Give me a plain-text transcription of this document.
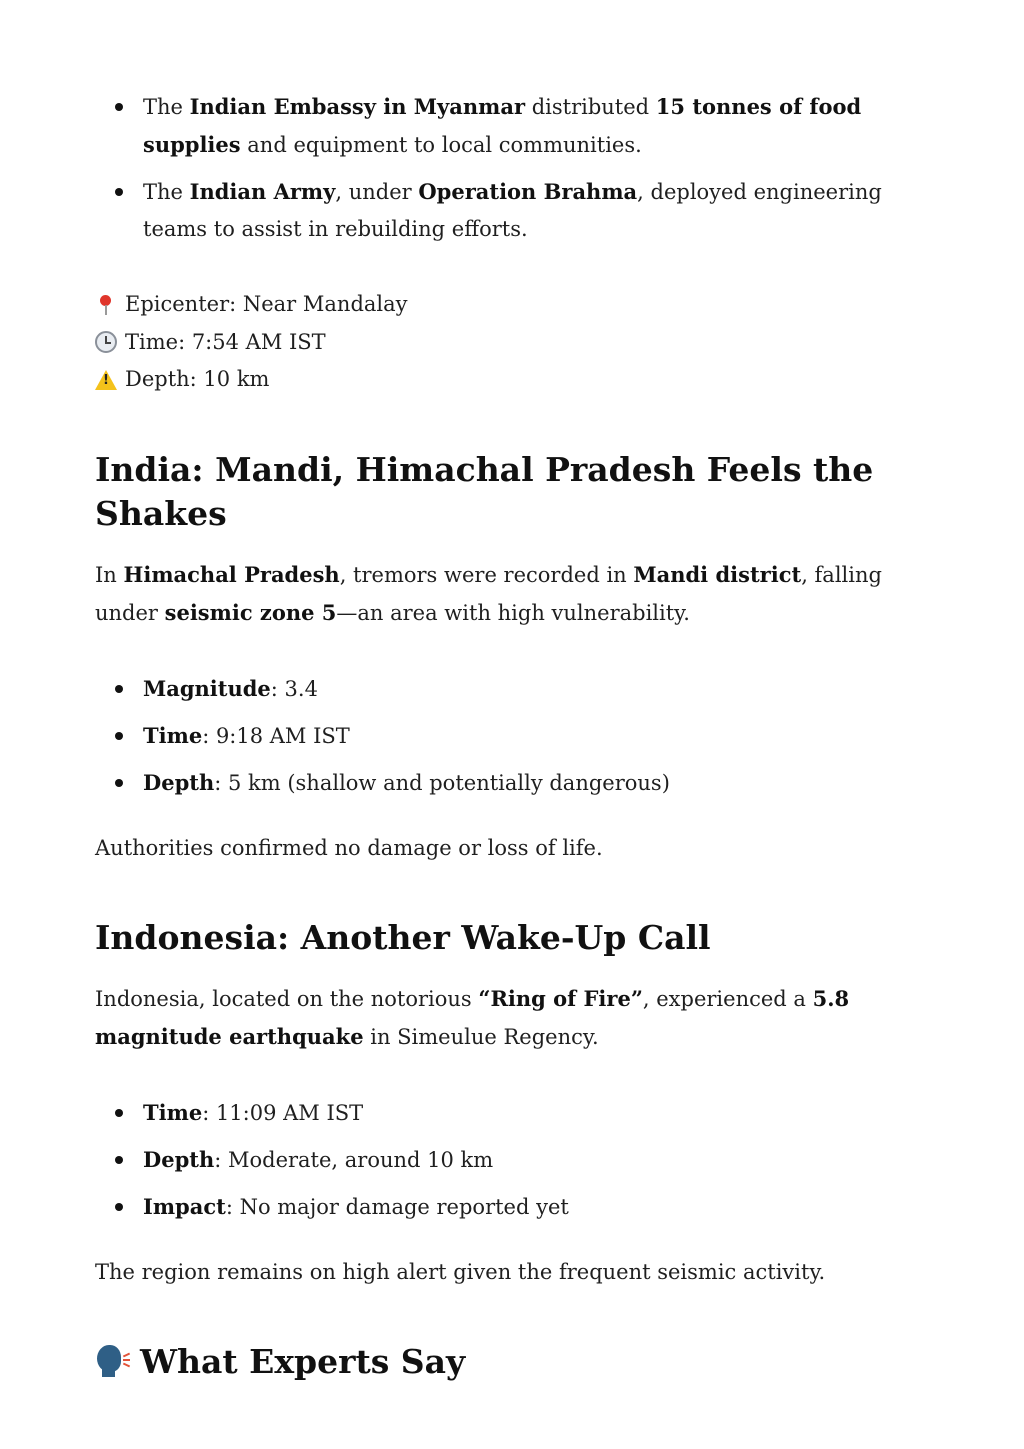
The Indian Embassy in Myanmar distributed 15 tonnes of food supplies and equipment to local communities.
The Indian Army, under Operation Brahma, deployed engineering teams to assist in rebuilding efforts.
Epicenter: Near Mandalay
Time: 7:54 AM IST
!
Depth: 10 km
India: Mandi, Himachal Pradesh Feels the Shakes

In Himachal Pradesh, tremors were recorded in Mandi district, falling under seismic zone 5—an area with high vulnerability.

Magnitude: 3.4
Time: 9:18 AM IST
Depth: 5 km (shallow and potentially dangerous)

Authorities confirmed no damage or loss of life.

Indonesia: Another Wake-Up Call

Indonesia, located on the notorious “Ring of Fire”, experienced a 5.8 magnitude earthquake in Simeulue Regency.

Time: 11:09 AM IST
Depth: Moderate, around 10 km
Impact: No major damage reported yet

The region remains on high alert given the frequent seismic activity.

What Experts Say
